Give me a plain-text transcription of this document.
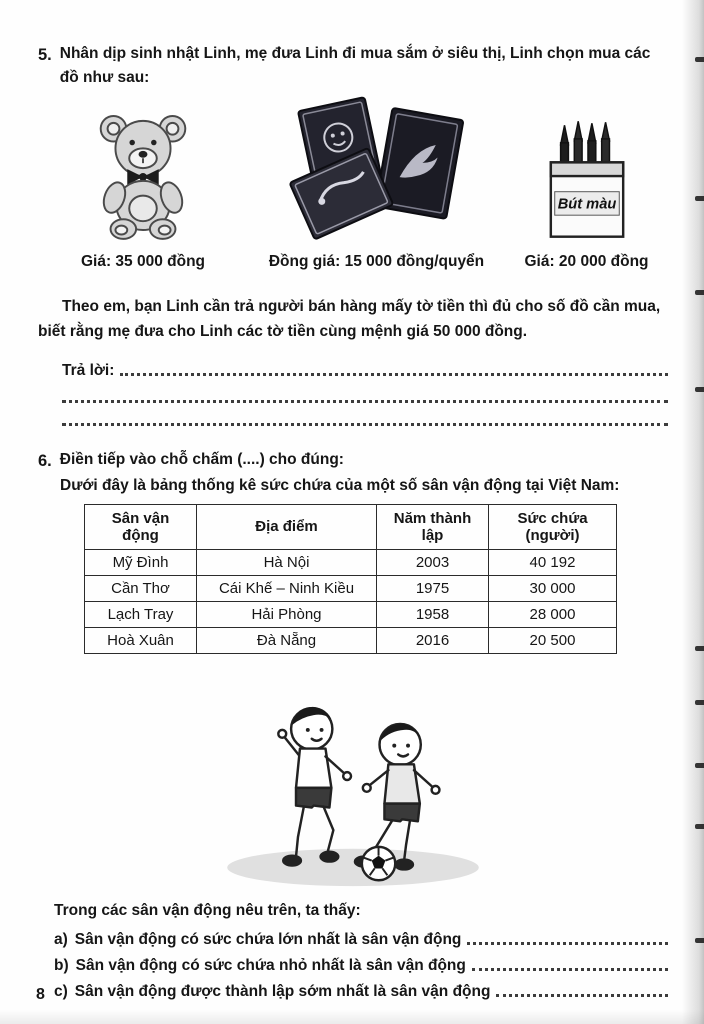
5. Nhân dịp sinh nhật Linh, mẹ đưa Linh đi mua sắm ở siêu thị, Linh chọn mua các đồ như sau:
Giá: 35 000 đồng	Đồng giá: 15 000 đồng/quyển
Bút màu
Giá: 20 000 đồng
Theo em, bạn Linh cần trả người bán hàng mấy tờ tiền thì đủ cho số đồ cần mua, biết rằng mẹ đưa cho Linh các tờ tiền cùng mệnh giá 50 000 đồng.
Trả lời:
6. Điền tiếp vào chỗ chấm (....) cho đúng:
Dưới đây là bảng thống kê sức chứa của một số sân vận động tại Việt Nam:
Sân vận động	Địa điểm	Năm thành lập	Sức chứa (người)
Mỹ Đình	Hà Nội	2003	40 192
Cần Thơ	Cái Khế – Ninh Kiều	1975	30 000
Lạch Tray	Hải Phòng	1958	28 000
Hoà Xuân	Đà Nẵng	2016	20 500
Trong các sân vận động nêu trên, ta thấy:
a) Sân vận động có sức chứa lớn nhất là sân vận động
b) Sân vận động có sức chứa nhỏ nhất là sân vận động
c) Sân vận động được thành lập sớm nhất là sân vận động
8
